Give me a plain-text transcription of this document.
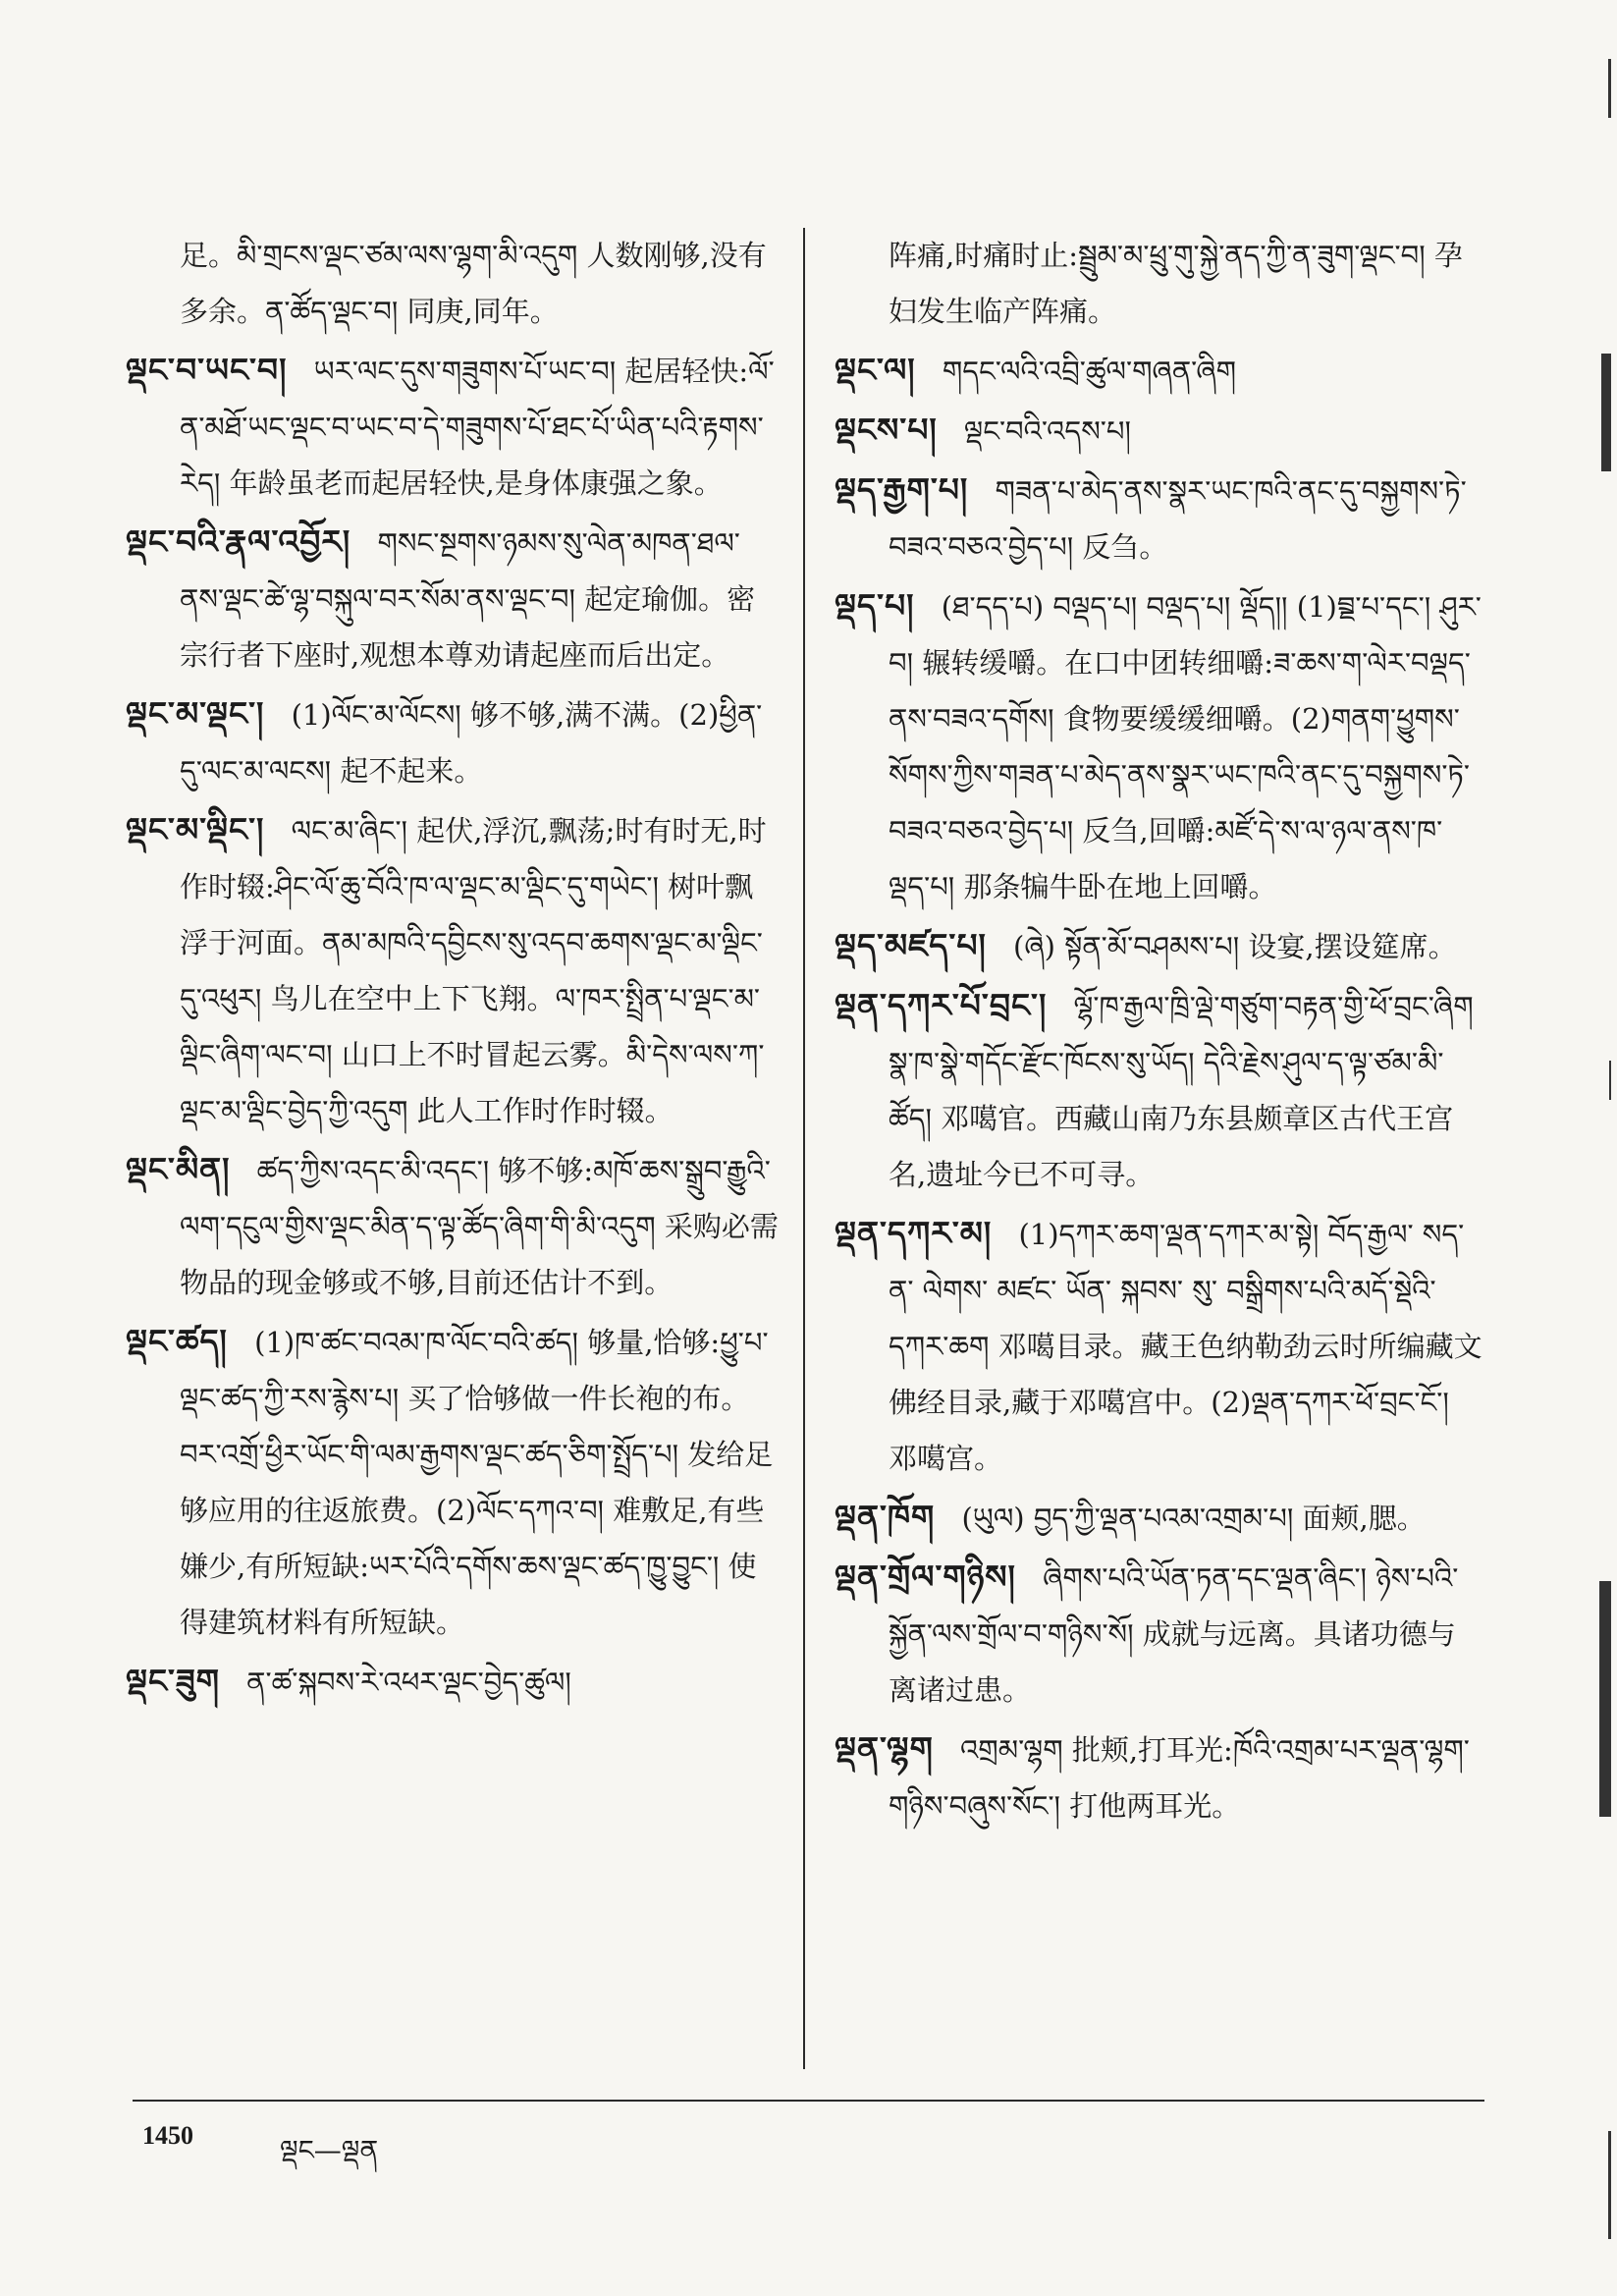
足。མི་གྲངས་ལྡང་ཙམ་ལས་ལྷག་མི་འདུག 人数刚够,没有多余。ན་ཚོད་ལྡང་བ། 同庚,同年。
ལྡང་བ་ཡང་བ། ཡར་ལང་དུས་གཟུགས་པོ་ཡང་བ། 起居轻快:ལོ་ན་མཐོ་ཡང་ལྡང་བ་ཡང་བ་དེ་གཟུགས་པོ་ཐང་པོ་ཡིན་པའི་རྟགས་རེད། 年龄虽老而起居轻快,是身体康强之象。
ལྡང་བའི་རྣལ་འབྱོར། གསང་སྔགས་ཉམས་སུ་ལེན་མཁན་ཐལ་ནས་ལྡང་ཚེ་ལྷ་བསྐུལ་བར་སོམ་ནས་ལྡང་བ། 起定瑜伽。密宗行者下座时,观想本尊劝请起座而后出定。
ལྡང་མ་ལྡང་། (1)ལོང་མ་ལོངས། 够不够,满不满。(2)ཕྱིན་དུ་ལང་མ་ལངས། 起不起来。
ལྡང་མ་ལྡིང་། ལང་མ་ཞིང་། 起伏,浮沉,飘荡;时有时无,时作时辍:ཤིང་ལོ་ཆུ་བོའི་ཁ་ལ་ལྡང་མ་ལྡིང་དུ་གཡེང་། 树叶飘浮于河面。ནམ་མཁའི་དབྱིངས་སུ་འདབ་ཆགས་ལྡང་མ་ལྡིང་དུ་འཕུར། 鸟儿在空中上下飞翔。ལ་ཁར་སྤྲིན་པ་ལྡང་མ་ལྡིང་ཞིག་ལང་བ། 山口上不时冒起云雾。མི་དེས་ལས་ཀ་ལྡང་མ་ལྡིང་བྱེད་ཀྱི་འདུག 此人工作时作时辍。
ལྡང་མིན། ཚད་ཀྱིས་འདང་མི་འདང་། 够不够:མཁོ་ཆས་སྒྲུབ་རྒྱུའི་ལག་དངུལ་གྱིས་ལྡང་མིན་ད་ལྟ་ཚོད་ཞིག་གི་མི་འདུག 采购必需物品的现金够或不够,目前还估计不到。
ལྡང་ཚད། (1)ཁ་ཚང་བའམ་ཁ་ལོང་བའི་ཚད། 够量,恰够:ཕྱུ་པ་ལྡང་ཚད་ཀྱི་རས་རྙེས་པ། 买了恰够做一件长袍的布。བར་འགྲོ་ཕྱིར་ཡོང་གི་ལམ་རྒྱགས་ལྡང་ཚད་ཅིག་སྤྲོད་པ། 发给足够应用的往返旅费。(2)ལོང་དཀའ་བ། 难敷足,有些嫌少,有所短缺:ཡར་པོའི་དགོས་ཆས་ལྡང་ཚད་ཁྱུ་བྱུང་། 使得建筑材料有所短缺。
ལྡང་ཟུག ན་ཚ་སྐབས་རེ་འཕར་ལྡང་བྱེད་ཚུལ།
阵痛,时痛时止:སྦྲུམ་མ་ཕྲུ་གུ་སྐྱེ་ནད་ཀྱི་ན་ཟུག་ལྡང་བ། 孕妇发生临产阵痛。
ལྡང་ལ། གདང་ལའི་འབྲི་ཚུལ་གཞན་ཞིག
ལྡངས་པ། ལྡང་བའི་འདས་པ།
ལྡད་རྒྱག་པ། གཟན་པ་མེད་ནས་སྣར་ཡང་ཁའི་ནང་དུ་བསྐྱགས་ཏེ་བཟའ་བཅའ་བྱེད་པ། 反刍。
ལྡད་པ། (ཐ་དད་པ) བལྡད་པ། བལྡད་པ། ལྡོད།། (1)བྲྡ་པ་དང་། ཤུར་བ། 辗转缓嚼。在口中团转细嚼:ཟ་ཆས་ག་ལེར་བལྡད་ནས་བཟའ་དགོས། 食物要缓缓细嚼。(2)གནག་ཕྱུགས་སོགས་ཀྱིས་གཟན་པ་མེད་ནས་སྣར་ཡང་ཁའི་ནང་དུ་བསྐྱགས་ཏེ་བཟའ་བཅའ་བྱེད་པ། 反刍,回嚼:མཛོ་དེ་ས་ལ་ཉལ་ནས་ཁ་ལྡད་པ། 那条犏牛卧在地上回嚼。
ལྡད་མཛད་པ། (ཞེ) སྟོན་མོ་བཤམས་པ། 设宴,摆设筵席。
ལྡན་དཀར་པོ་བྲང་། ལྷོ་ཁ་རྒྱལ་ཁྲི་ལྡེ་གཙུག་བརྟན་གྱི་ཕོ་བྲང་ཞིག སྣ་ཁ་སྣེ་གདོང་རྫོང་ཁོངས་སུ་ཡོད། དེའི་རྗེས་ཤུལ་ད་ལྟ་ཙམ་མི་ཚོད། 邓噶官。西藏山南乃东县颇章区古代王宫名,遗址今已不可寻。
ལྡན་དཀར་མ། (1)དཀར་ཆག་ལྡན་དཀར་མ་སྟེ། བོད་རྒྱལ་ སད་ན་ ལེགས་ མཛང་ ཡོན་ སྐབས་ སུ་ བསྒྲིགས་པའི་མདོ་སྡེའི་དཀར་ཆག 邓噶目录。藏王色纳勒劲云时所编藏文佛经目录,藏于邓噶宫中。(2)ལྡན་དཀར་ཕོ་བྲང་ངོ་། 邓噶宫。
ལྡན་ཁོག (ཡུལ) བྱད་ཀྱི་ལྡན་པའམ་འགྲམ་པ། 面颊,腮。
ལྡན་གྲོལ་གཉིས། ཞིགས་པའི་ཡོན་ཏན་དང་ལྡན་ཞིང་། ཉེས་པའི་སྐྱོན་ལས་གྲོལ་བ་གཉིས་སོ། 成就与远离。具诸功德与离诸过患。
ལྡན་ལྷག འགྲམ་ལྷག 批颊,打耳光:ཁོའི་འགྲམ་པར་ལྡན་ལྷག་གཉིས་བཞུས་སོང་། 打他两耳光。
1450	ལྡང—ལྡན
